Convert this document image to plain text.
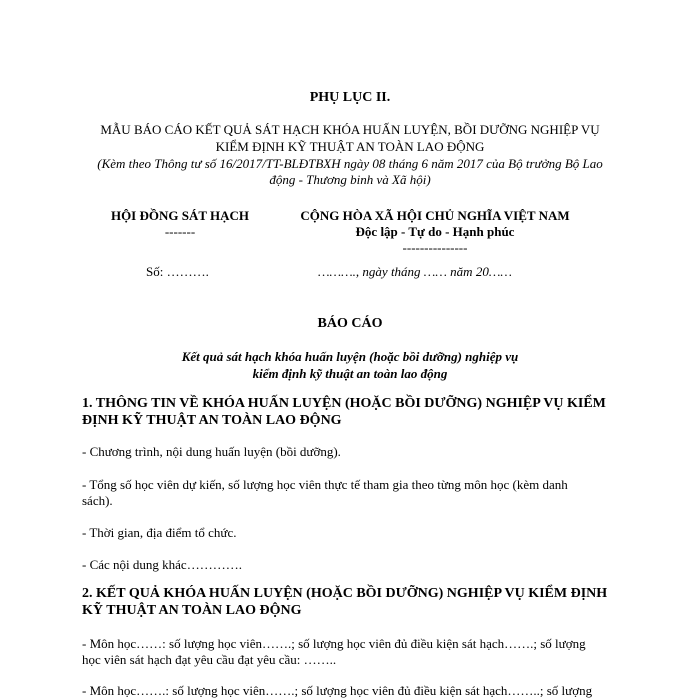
PHỤ LỤC II.
MẪU BÁO CÁO KẾT QUẢ SÁT HẠCH KHÓA HUẤN LUYỆN, BỒI DƯỠNG NGHIỆP VỤ
KIỂM ĐỊNH KỸ THUẬT AN TOÀN LAO ĐỘNG
(Kèm theo Thông tư số 16/2017/TT-BLĐTBXH ngày 08 tháng 6 năm 2017 của Bộ trưởng Bộ Lao
động - Thương binh và Xã hội)
HỘI ĐỒNG SÁT HẠCH
-------
CỘNG HÒA XÃ HỘI CHỦ NGHĨA VIỆT NAM
Độc lập - Tự do - Hạnh phúc
---------------
Số: ……….	………., ngày tháng …… năm 20……
BÁO CÁO
Kết quả sát hạch khóa huấn luyện (hoặc bồi dưỡng) nghiệp vụ
kiểm định kỹ thuật an toàn lao động
1. THÔNG TIN VỀ KHÓA HUẤN LUYỆN (HOẶC BỒI DƯỠNG) NGHIỆP VỤ KIỂM
ĐỊNH KỸ THUẬT AN TOÀN LAO ĐỘNG
- Chương trình, nội dung huấn luyện (bồi dưỡng).
- Tổng số học viên dự kiến, số lượng học viên thực tế tham gia theo từng môn học (kèm danh
sách).
- Thời gian, địa điểm tổ chức.
- Các nội dung khác………….
2. KẾT QUẢ KHÓA HUẤN LUYỆN (HOẶC BỒI DƯỠNG) NGHIỆP VỤ KIỂM ĐỊNH
KỸ THUẬT AN TOÀN LAO ĐỘNG
- Môn học……: số lượng học viên…….; số lượng học viên đủ điều kiện sát hạch…….; số lượng
học viên sát hạch đạt yêu cầu đạt yêu cầu: ……..
- Môn học…….: số lượng học viên…….; số lượng học viên đủ điều kiện sát hạch……..; số lượng
